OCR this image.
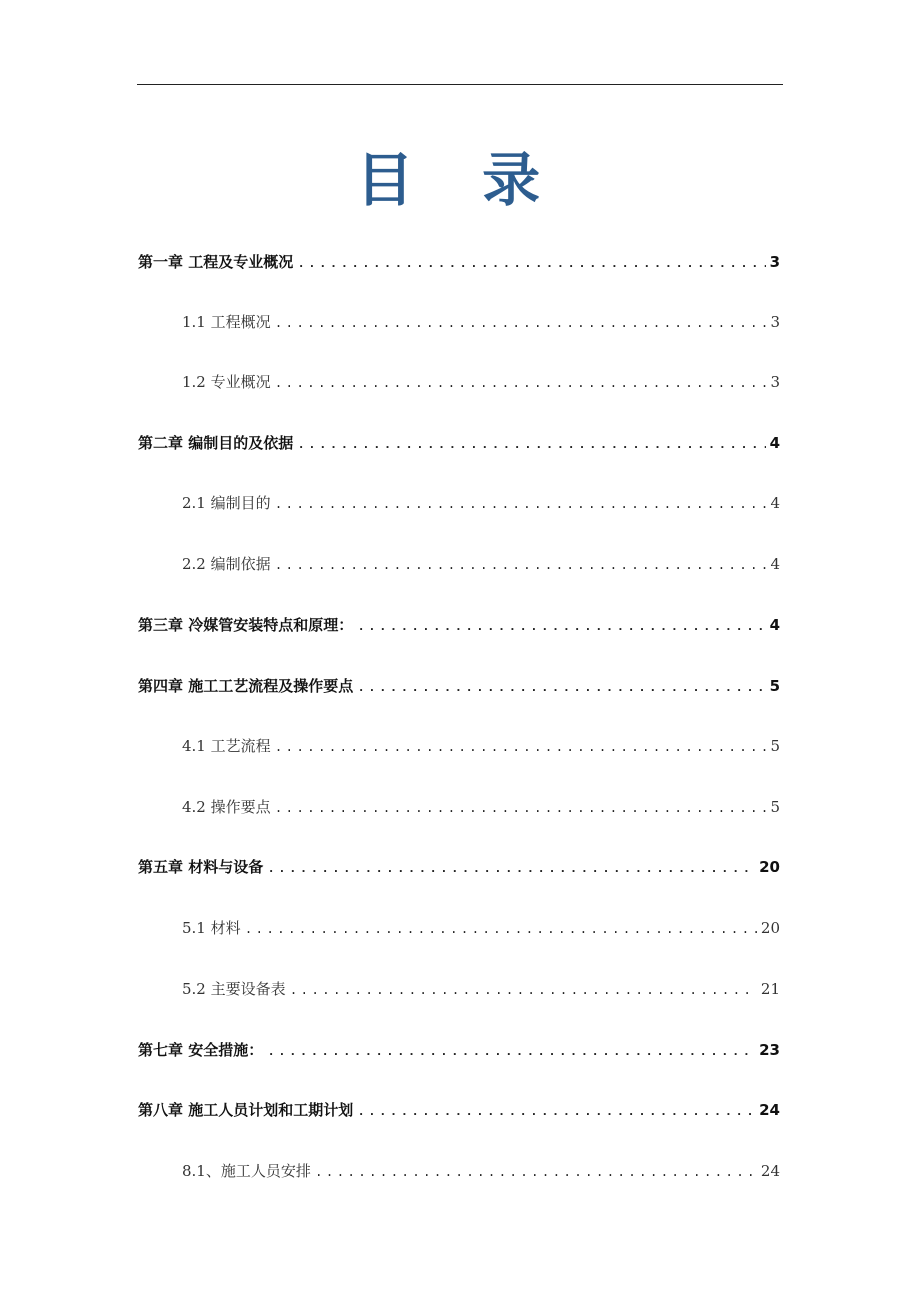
目 录
第一章 工程及专业概况 .....	3
1.1 工程概况 .....	3
1.2 专业概况 .....	3
第二章 编制目的及依据 .....	4
2.1 编制目的 .....	4
2.2 编制依据 .....	4
第三章 冷媒管安装特点和原理： .....	4
第四章 施工工艺流程及操作要点 .....	5
4.1 工艺流程 .....	5
4.2 操作要点 .....	5
第五章 材料与设备 .....	20
5.1 材料 .....	20
5.2 主要设备表 .....	21
第七章 安全措施： .....	23
第八章 施工人员计划和工期计划 .....	24
8.1、施工人员安排 .....	24
